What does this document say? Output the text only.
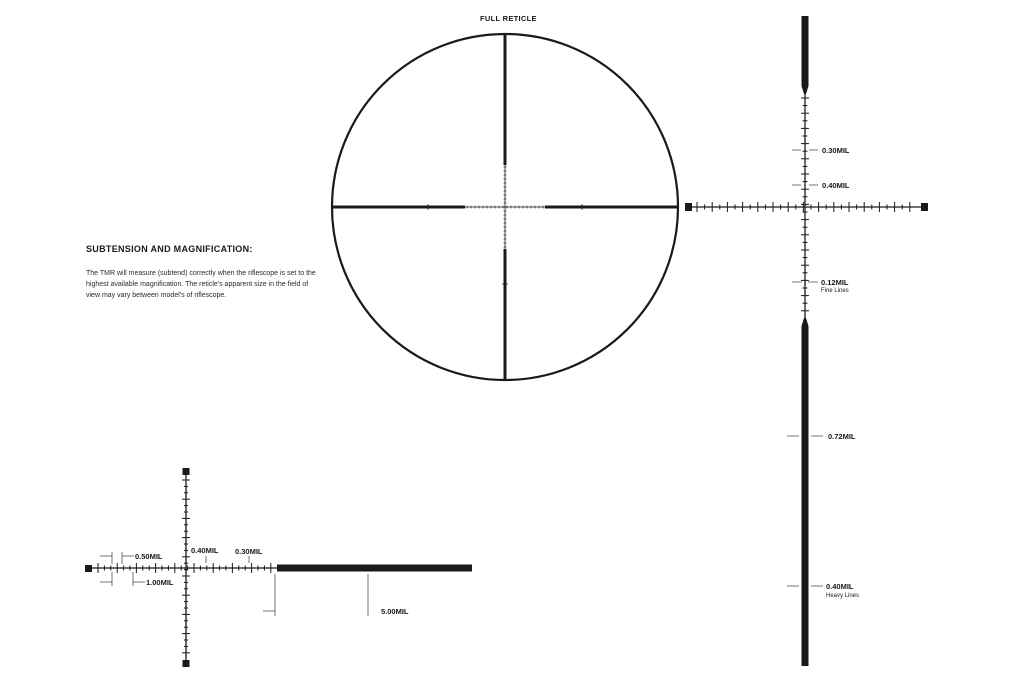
FULL RETICLE
SUBTENSION AND MAGNIFICATION:
The TMR will measure (subtend) correctly when the riflescope is set to the highest available magnification. The reticle's apparent size in the field of view may vary between model's of riflescope.
0.30MIL
0.40MIL
0.12MIL
Fine Lines
0.72MIL
0.40MIL
Heavy Lines
0.50MIL
1.00MIL
0.40MIL 0.30MIL
5.00MIL
